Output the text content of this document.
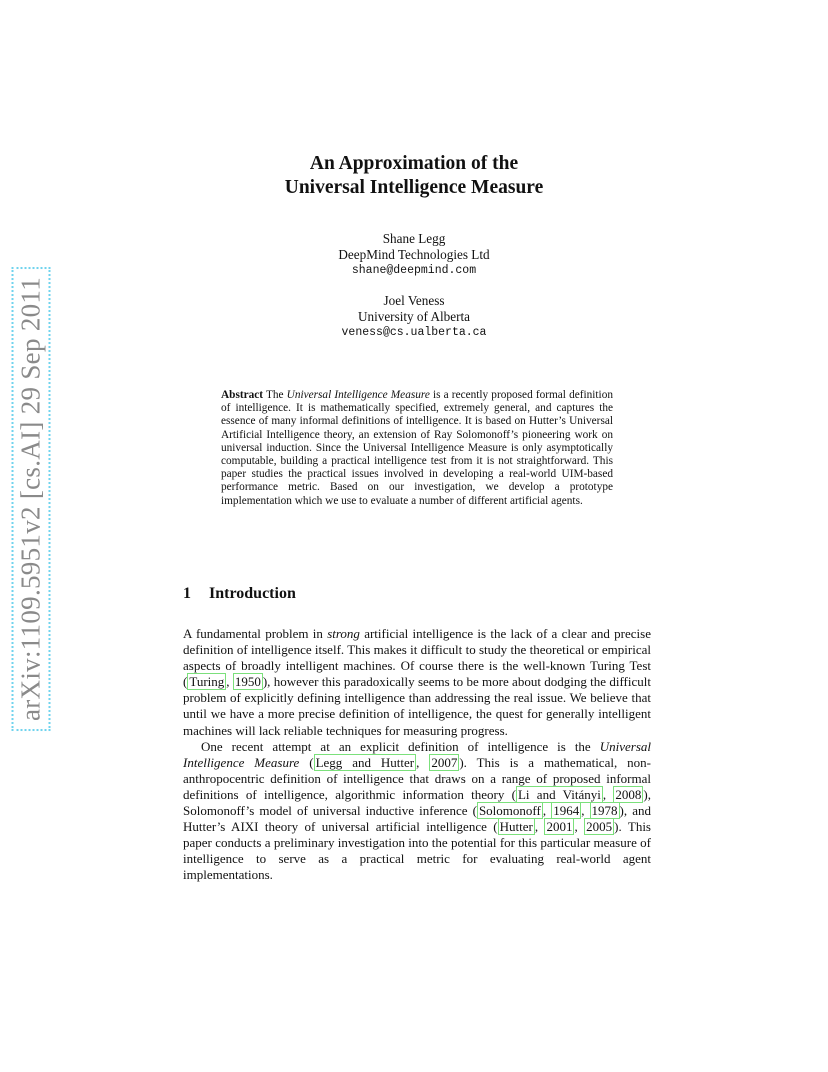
arXiv:1109.5951v2 [cs.AI] 29 Sep 2011
An Approximation of the
Universal Intelligence Measure
Shane Legg
DeepMind Technologies Ltd
shane@deepmind.com
Joel Veness
University of Alberta
veness@cs.ualberta.ca
Abstract The Universal Intelligence Measure is a recently proposed formal definition of intelligence. It is mathematically specified, extremely general, and captures the essence of many informal definitions of intelligence. It is based on Hutter’s Universal Artificial Intelligence theory, an extension of Ray Solomonoff’s pioneering work on universal induction. Since the Universal Intelligence Measure is only asymptotically computable, building a practical intelligence test from it is not straightforward. This paper studies the practical issues involved in developing a real-world UIM-based performance metric. Based on our investigation, we develop a prototype implementation which we use to evaluate a number of different artificial agents.
1 Introduction

A fundamental problem in strong artificial intelligence is the lack of a clear and precise definition of intelligence itself. This makes it difficult to study the theoretical or empirical aspects of broadly intelligent machines. Of course there is the well-known Turing Test ( Turing , 1950 ), however this paradoxically seems to be more about dodging the difficult problem of explicitly defining intelligence than addressing the real issue. We believe that until we have a more precise definition of intelligence, the quest for generally intelligent machines will lack reliable techniques for measuring progress.

One recent attempt at an explicit definition of intelligence is the Universal Intelligence Measure ( Legg and Hutter , 2007 ). This is a mathematical, non-anthropocentric definition of intelligence that draws on a range of proposed informal definitions of intelligence, algorithmic information theory ( Li and Vitányi , 2008 ), Solomonoff’s model of universal inductive inference ( Solomonoff , 1964 , 1978 ), and Hutter’s AIXI theory of universal artificial intelligence ( Hutter , 2001 , 2005 ). This paper conducts a preliminary investigation into the potential for this particular measure of intelligence to serve as a practical metric for evaluating real-world agent implementations.
